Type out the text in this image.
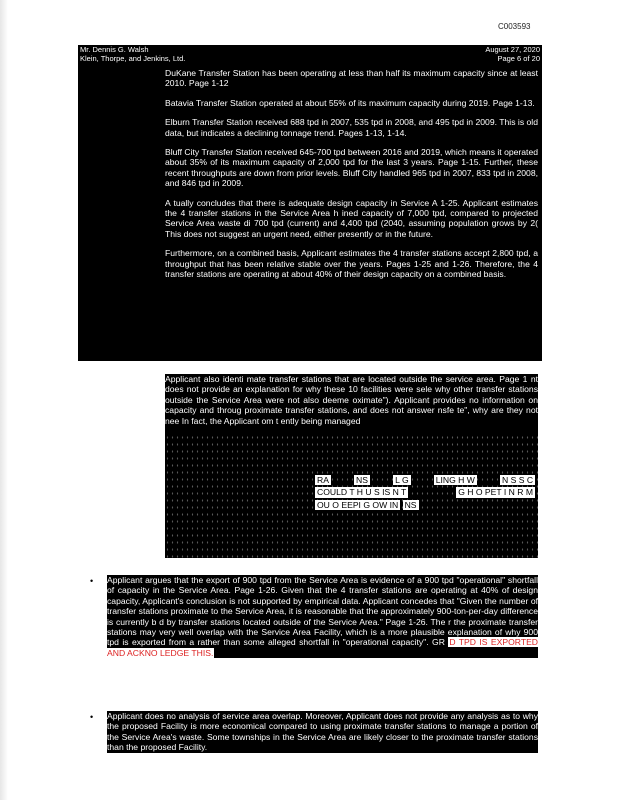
C003593
Mr. Dennis G. Walsh
Klein, Thorpe, and Jenkins, Ltd.
August 27, 2020
Page 6 of 20

DuKane Transfer Station has been operating at less than half its maximum capacity since at least 2010. Page 1-12

Batavia Transfer Station operated at about 55% of its maximum capacity during 2019. Page 1-13.

Elburn Transfer Station received 688 tpd in 2007, 535 tpd in 2008, and 495 tpd in 2009. This is old data, but indicates a declining tonnage trend. Pages 1-13, 1-14.

Bluff City Transfer Station received 645-700 tpd between 2016 and 2019, which means it operated about 35% of its maximum capacity of 2,000 tpd for the last 3 years. Page 1-15. Further, these recent throughputs are down from prior levels. Bluff City handled 965 tpd in 2007, 833 tpd in 2008, and 846 tpd in 2009.

A tually concludes that there is adequate design capacity in Service A 1-25. Applicant estimates the 4 transfer stations in the Service Area h ined capacity of 7,000 tpd, compared to projected Service Area waste di 700 tpd (current) and 4,400 tpd (2040, assuming population grows by 2( This does not suggest an urgent need, either presently or in the future.

Furthermore, on a combined basis, Applicant estimates the 4 transfer stations accept 2,800 tpd, a throughput that has been relative stable over the years. Pages 1-25 and 1-26. Therefore, the 4 transfer stations are operating at about 40% of their design capacity on a combined basis.

Applicant also identi mate transfer stations that are located outside the service area. Page 1 nt does not provide an explanation for why these 10 facilities were sele why other transfer stations outside the Service Area were not also deeme oximate"). Applicant provides no information on capacity and throug proximate transfer stations, and does not answer nsfe te", why are they not nee In fact, the Applicant om t ently being managed

RA	NS	L G	LING H W	N S S C COULD T H U S IS N T	G H O PET I N R M OU O EEPI G OW IN NS
• Applicant argues that the export of 900 tpd from the Service Area is evidence of a 900 tpd "operational" shortfall of capacity in the Service Area. Page 1-26. Given that the 4 transfer stations are operating at 40% of design capacity, Applicant's conclusion is not supported by empirical data. Applicant concedes that "Given the number of transfer stations proximate to the Service Area, it is reasonable that the approximately 900-ton-per-day difference is currently b d by transfer stations located outside of the Service Area." Page 1-26. The r the proximate transfer stations may very well overlap with the Service Area Facility, which is a more plausible explanation of why 900 tpd is exported from a rather than some alleged shortfall in "operational capacity". GR D TPD IS EXPORTED AND ACKNO LEDGE THIS.

• Applicant does no analysis of service area overlap. Moreover, Applicant does not provide any analysis as to why the proposed Facility is more economical compared to using proximate transfer stations to manage a portion of the Service Area's waste. Some townships in the Service Area are likely closer to the proximate transfer stations than the proposed Facility.
